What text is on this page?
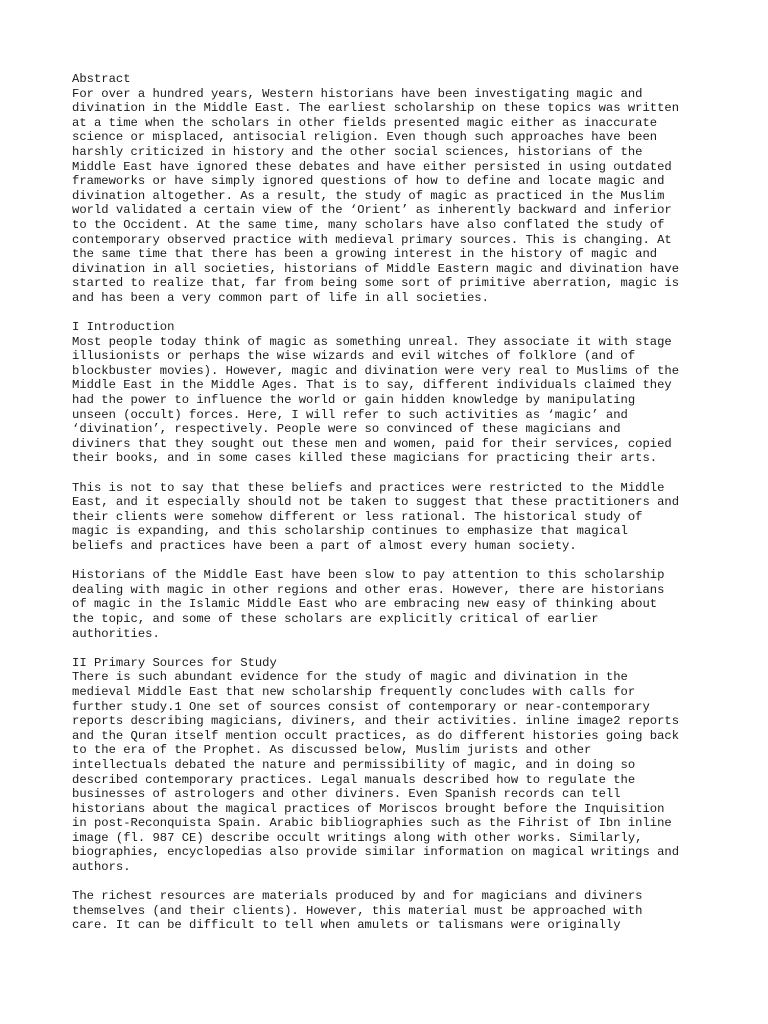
Abstract
For over a hundred years, Western historians have been investigating magic and
divination in the Middle East. The earliest scholarship on these topics was written
at a time when the scholars in other fields presented magic either as inaccurate
science or misplaced, antisocial religion. Even though such approaches have been
harshly criticized in history and the other social sciences, historians of the
Middle East have ignored these debates and have either persisted in using outdated
frameworks or have simply ignored questions of how to define and locate magic and
divination altogether. As a result, the study of magic as practiced in the Muslim
world validated a certain view of the ‘Orient’ as inherently backward and inferior
to the Occident. At the same time, many scholars have also conflated the study of
contemporary observed practice with medieval primary sources. This is changing. At
the same time that there has been a growing interest in the history of magic and
divination in all societies, historians of Middle Eastern magic and divination have
started to realize that, far from being some sort of primitive aberration, magic is
and has been a very common part of life in all societies.
I Introduction
Most people today think of magic as something unreal. They associate it with stage
illusionists or perhaps the wise wizards and evil witches of folklore (and of
blockbuster movies). However, magic and divination were very real to Muslims of the
Middle East in the Middle Ages. That is to say, different individuals claimed they
had the power to influence the world or gain hidden knowledge by manipulating
unseen (occult) forces. Here, I will refer to such activities as ‘magic’ and
‘divination’, respectively. People were so convinced of these magicians and
diviners that they sought out these men and women, paid for their services, copied
their books, and in some cases killed these magicians for practicing their arts.
This is not to say that these beliefs and practices were restricted to the Middle
East, and it especially should not be taken to suggest that these practitioners and
their clients were somehow different or less rational. The historical study of
magic is expanding, and this scholarship continues to emphasize that magical
beliefs and practices have been a part of almost every human society.
Historians of the Middle East have been slow to pay attention to this scholarship
dealing with magic in other regions and other eras. However, there are historians
of magic in the Islamic Middle East who are embracing new easy of thinking about
the topic, and some of these scholars are explicitly critical of earlier
authorities.
II Primary Sources for Study
There is such abundant evidence for the study of magic and divination in the
medieval Middle East that new scholarship frequently concludes with calls for
further study.1 One set of sources consist of contemporary or near-contemporary
reports describing magicians, diviners, and their activities. inline image2 reports
and the Quran itself mention occult practices, as do different histories going back
to the era of the Prophet. As discussed below, Muslim jurists and other
intellectuals debated the nature and permissibility of magic, and in doing so
described contemporary practices. Legal manuals described how to regulate the
businesses of astrologers and other diviners. Even Spanish records can tell
historians about the magical practices of Moriscos brought before the Inquisition
in post-Reconquista Spain. Arabic bibliographies such as the Fihrist of Ibn inline
image (fl. 987 CE) describe occult writings along with other works. Similarly,
biographies, encyclopedias also provide similar information on magical writings and
authors.
The richest resources are materials produced by and for magicians and diviners
themselves (and their clients). However, this material must be approached with
care. It can be difficult to tell when amulets or talismans were originally
